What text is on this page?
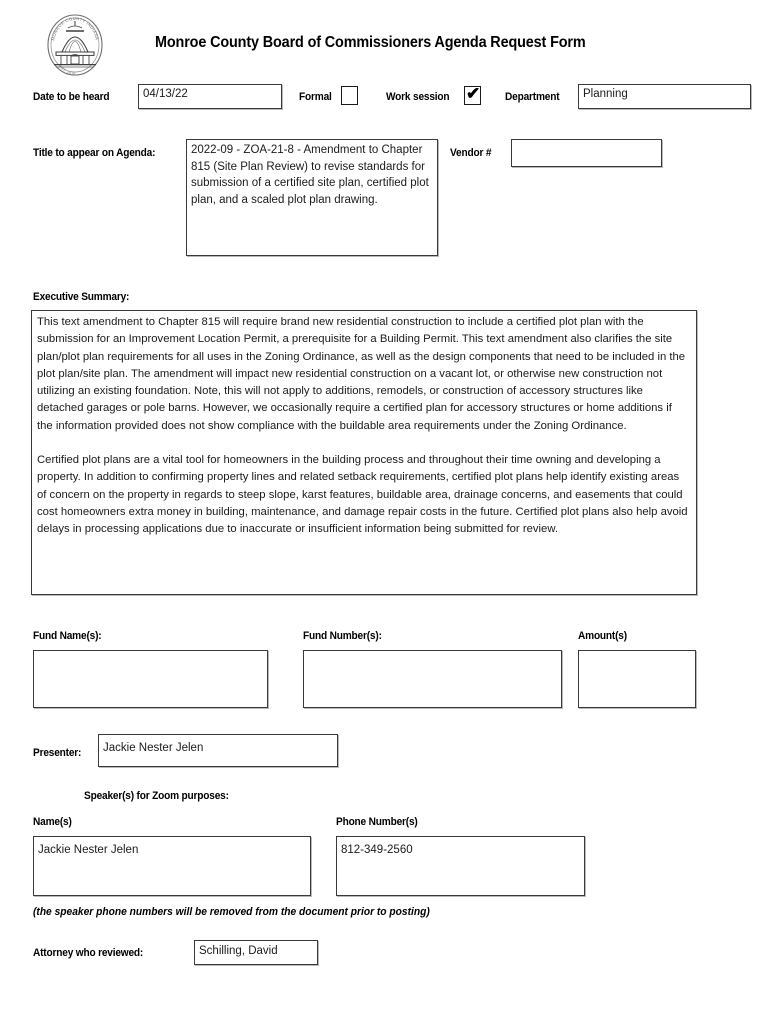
MONROE COUNTY INDIANA
EST. 1818
Monroe County Board of Commissioners Agenda Request Form
Date to be heard	04/13/22	Formal	Work session ✔ Department Planning
Title to appear on Agenda:	2022-09 - ZOA-21-8 - Amendment to Chapter 815 (Site Plan Review) to revise standards for submission of a certified site plan, certified plot plan, and a scaled plot plan drawing.
Vendor #
Executive Summary:

This text amendment to Chapter 815 will require brand new residential construction to include a certified plot plan with the submission for an Improvement Location Permit, a prerequisite for a Building Permit. This text amendment also clarifies the site plan/plot plan requirements for all uses in the Zoning Ordinance, as well as the design components that need to be included in the plot plan/site plan. The amendment will impact new residential construction on a vacant lot, or otherwise new construction not utilizing an existing foundation. Note, this will not apply to additions, remodels, or construction of accessory structures like detached garages or pole barns. However, we occasionally require a certified plan for accessory structures or home additions if the information provided does not show compliance with the buildable area requirements under the Zoning Ordinance.

Certified plot plans are a vital tool for homeowners in the building process and throughout their time owning and developing a property. In addition to confirming property lines and related setback requirements, certified plot plans help identify existing areas of concern on the property in regards to steep slope, karst features, buildable area, drainage concerns, and easements that could cost homeowners extra money in building, maintenance, and damage repair costs in the future. Certified plot plans also help avoid delays in processing applications due to inaccurate or insufficient information being submitted for review.

Fund Name(s):	Fund Number(s):	Amount(s)
Presenter: Jackie Nester Jelen
Speaker(s) for Zoom purposes:
Name(s)
Jackie Nester Jelen
Phone Number(s)
812-349-2560
(the speaker phone numbers will be removed from the document prior to posting)
Attorney who reviewed:	Schilling, David
